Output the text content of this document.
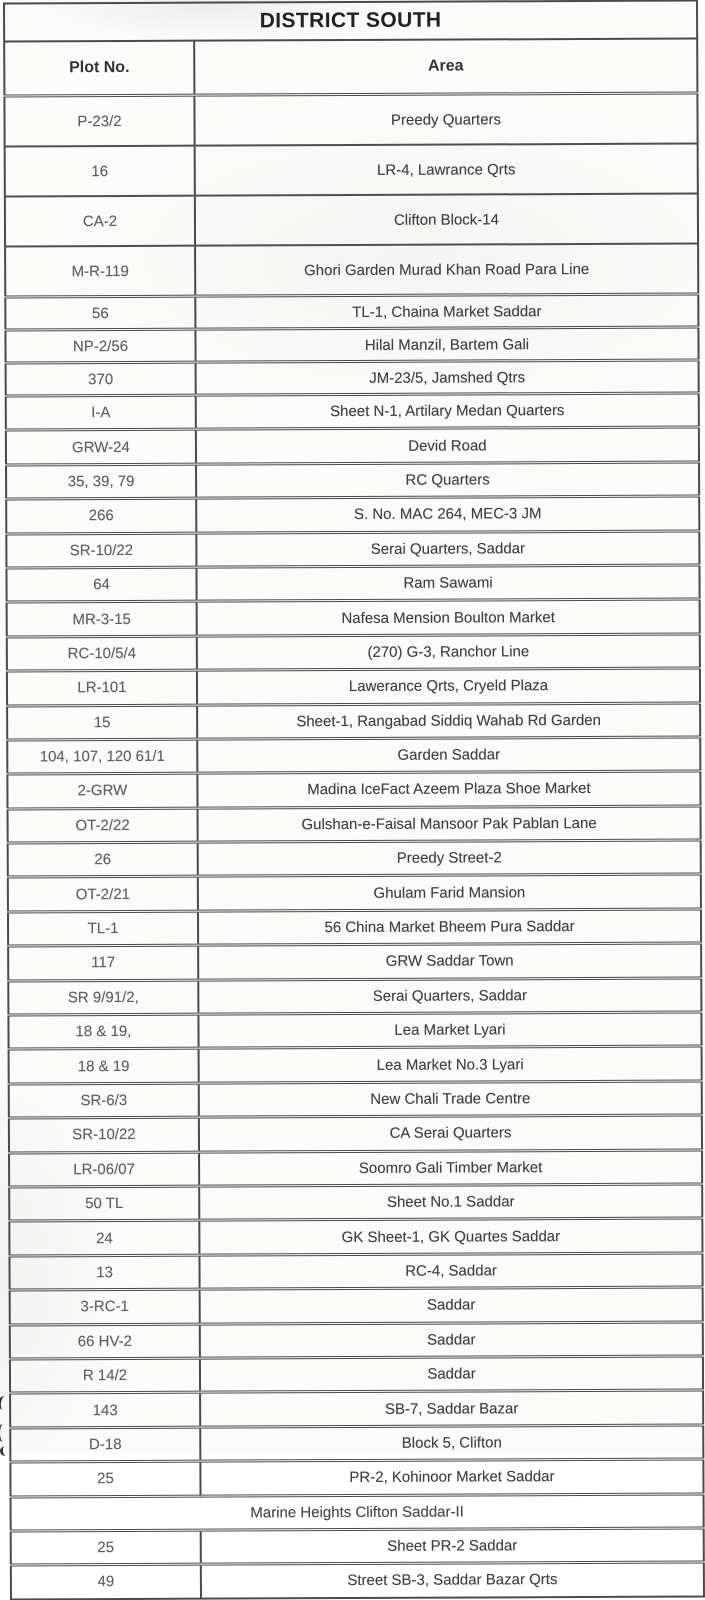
DISTRICT SOUTH	
Plot No.	Area
P-23/2	Preedy Quarters
16	LR-4, Lawrance Qrts
CA-2	Clifton Block-14
M-R-119	Ghori Garden Murad Khan Road Para Line
56	TL-1, Chaina Market Saddar
NP-2/56	Hilal Manzil, Bartem Gali
370	JM-23/5, Jamshed Qtrs
I-A	Sheet N-1, Artilary Medan Quarters
GRW-24	Devid Road
35, 39, 79	RC Quarters
266	S. No. MAC 264, MEC-3 JM
SR-10/22	Serai Quarters, Saddar
64	Ram Sawami
MR-3-15	Nafesa Mension Boulton Market
RC-10/5/4	(270) G-3, Ranchor Line
LR-101	Lawerance Qrts, Cryeld Plaza
15	Sheet-1, Rangabad Siddiq Wahab Rd Garden
104, 107, 120 61/1	Garden Saddar
2-GRW	Madina IceFact Azeem Plaza Shoe Market
OT-2/22	Gulshan-e-Faisal Mansoor Pak Pablan Lane
26	Preedy Street-2
OT-2/21	Ghulam Farid Mansion
TL-1	56 China Market Bheem Pura Saddar
117	GRW Saddar Town
SR 9/91/2,	Serai Quarters, Saddar
18 & 19,	Lea Market Lyari
18 & 19	Lea Market No.3 Lyari
SR-6/3	New Chali Trade Centre
SR-10/22	CA Serai Quarters
LR-06/07	Soomro Gali Timber Market
50 TL	Sheet No.1 Saddar
24	GK Sheet-1, GK Quartes Saddar
13	RC-4, Saddar
3-RC-1	Saddar
66 HV-2	Saddar
R 14/2	Saddar
143	SB-7, Saddar Bazar
D-18	Block 5, Clifton
25	PR-2, Kohinoor Market Saddar
Marine Heights Clifton Saddar-II	
25	Sheet PR-2 Saddar
49	Street SB-3, Saddar Bazar Qrts
